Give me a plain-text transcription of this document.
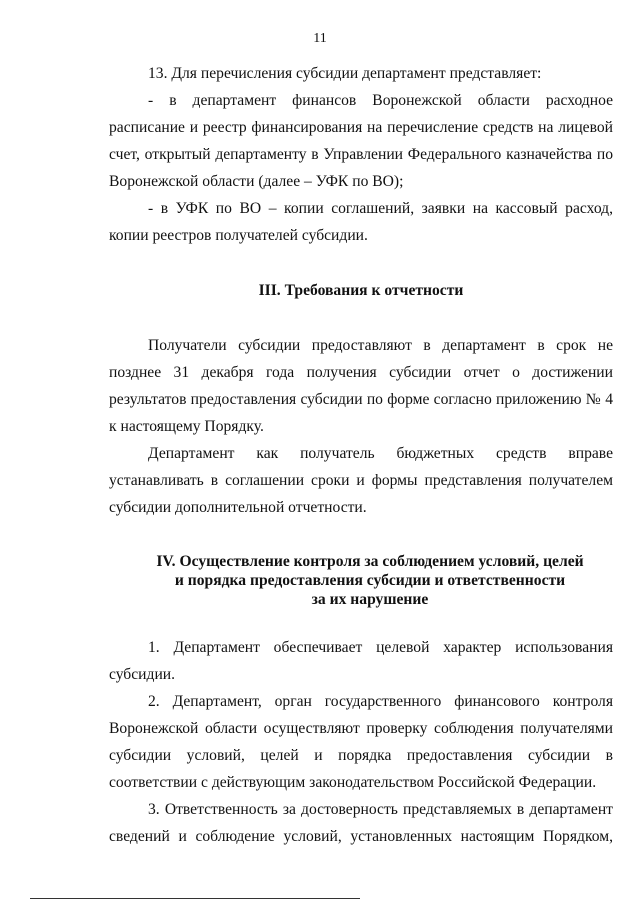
11

13. Для перечисления субсидии департамент представляет:

- в департамент финансов Воронежской области расходное расписание и реестр финансирования на перечисление средств на лицевой счет, открытый департаменту в Управлении Федерального казначейства по Воронежской области (далее – УФК по ВО);

- в УФК по ВО – копии соглашений, заявки на кассовый расход, копии реестров получателей субсидии.

III. Требования к отчетности

Получатели субсидии предоставляют в департамент в срок не позднее 31 декабря года получения субсидии отчет о достижении результатов предоставления субсидии по форме согласно приложению № 4 к настоящему Порядку.

Департамент как получатель бюджетных средств вправе устанавливать в соглашении сроки и формы представления получателем субсидии дополнительной отчетности.

IV. Осуществление контроля за соблюдением условий, целей
и порядка предоставления субсидии и ответственности
за их нарушение

1. Департамент обеспечивает целевой характер использования субсидии.

2. Департамент, орган государственного финансового контроля Воронежской области осуществляют проверку соблюдения получателями субсидии условий, целей и порядка предоставления субсидии в соответствии с действующим законодательством Российской Федерации.

3. Ответственность за достоверность представляемых в департамент сведений и соблюдение условий, установленных настоящим Порядком,
